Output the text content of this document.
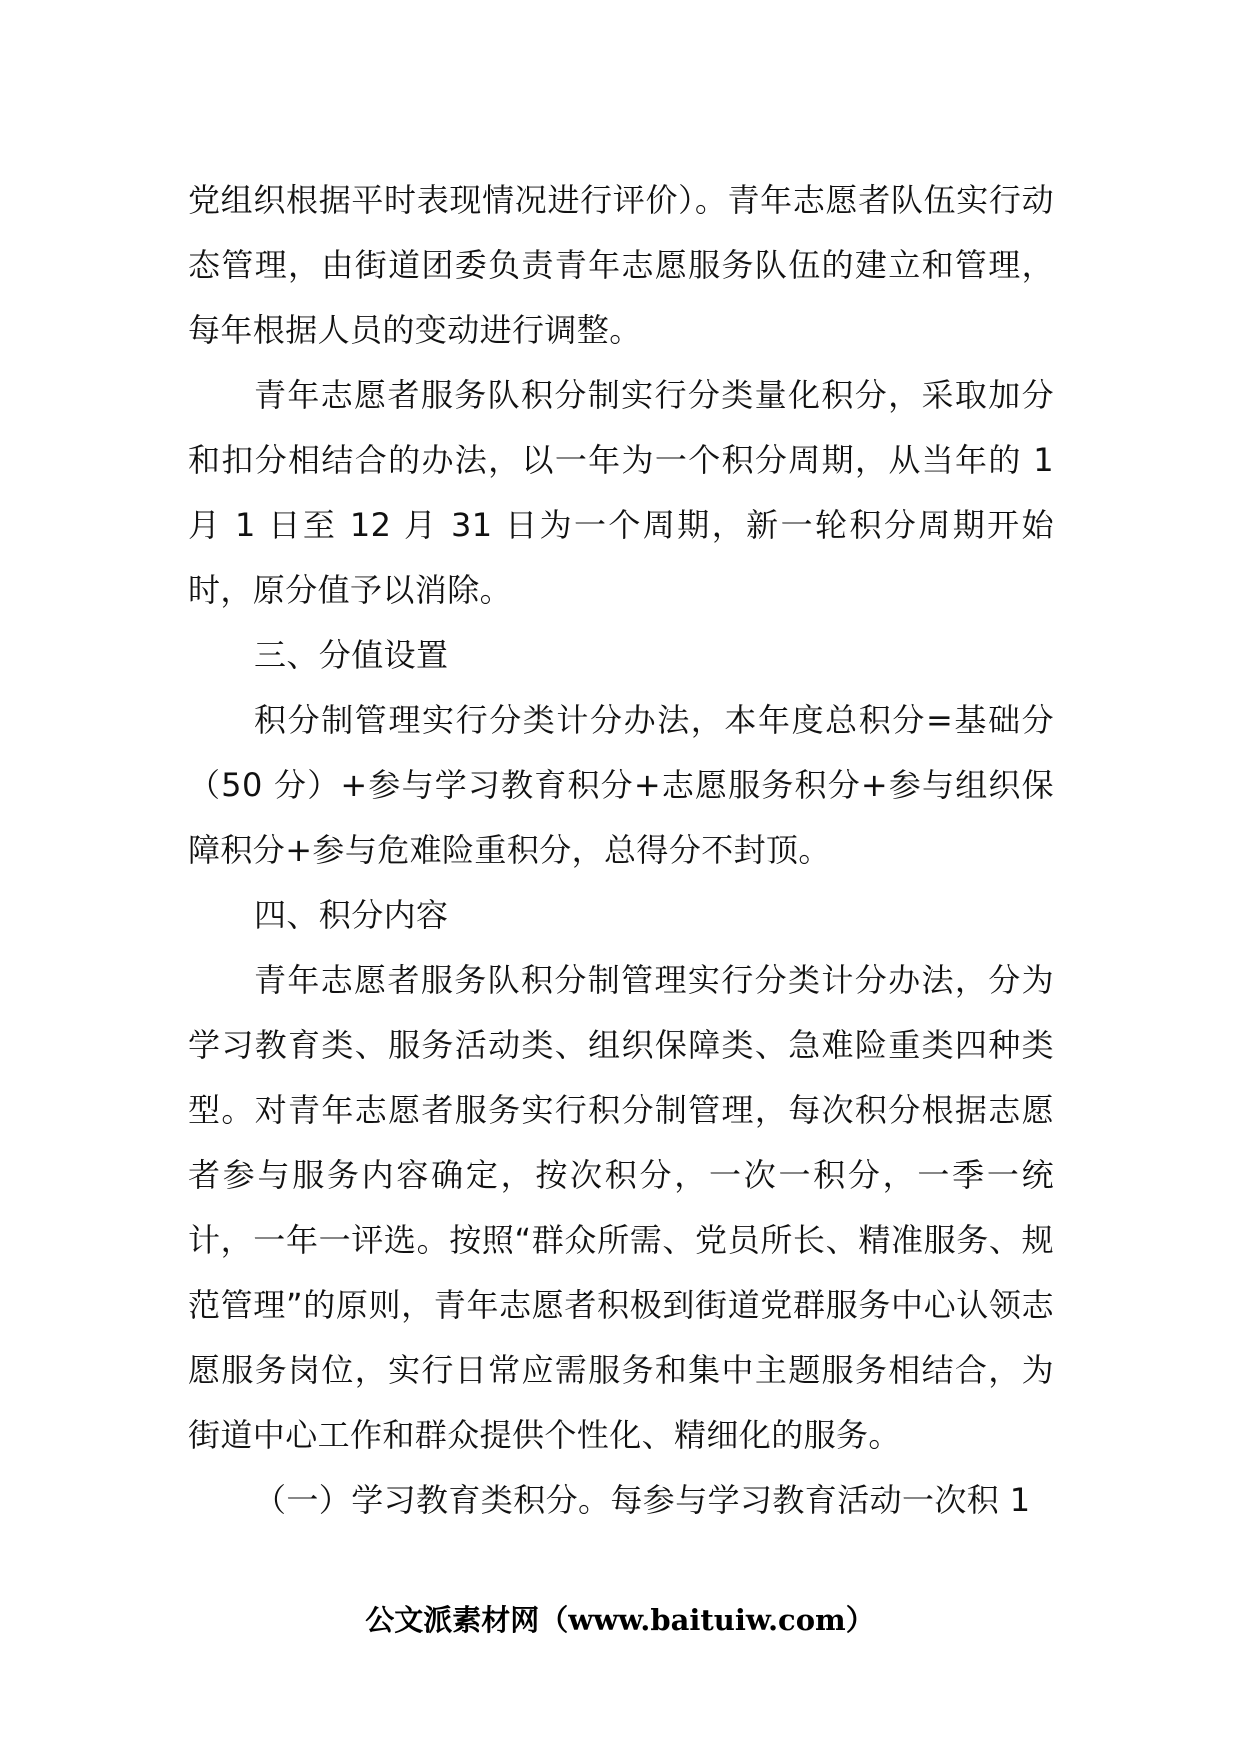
党组织根据平时表现情况进行评价）。青年志愿者队伍实行动态管理，由街道团委负责青年志愿服务队伍的建立和管理，每年根据人员的变动进行调整。

青年志愿者服务队积分制实行分类量化积分，采取加分和扣分相结合的办法，以一年为一个积分周期，从当年的 1 月 1 日至 12 月 31 日为一个周期，新一轮积分周期开始时，原分值予以消除。

三、分值设置

积分制管理实行分类计分办法，本年度总积分=基础分（50 分）+参与学习教育积分+志愿服务积分+参与组织保障积分+参与危难险重积分，总得分不封顶。

四、积分内容

青年志愿者服务队积分制管理实行分类计分办法，分为学习教育类、服务活动类、组织保障类、急难险重类四种类型。对青年志愿者服务实行积分制管理，每次积分根据志愿者参与服务内容确定，按次积分，一次一积分，一季一统计，一年一评选。按照“群众所需、党员所长、精准服务、规范管理”的原则，青年志愿者积极到街道党群服务中心认领志愿服务岗位，实行日常应需服务和集中主题服务相结合，为街道中心工作和群众提供个性化、精细化的服务。

（一）学习教育类积分。每参与学习教育活动一次积 1

公文派素材网（www.baituiw.com）
